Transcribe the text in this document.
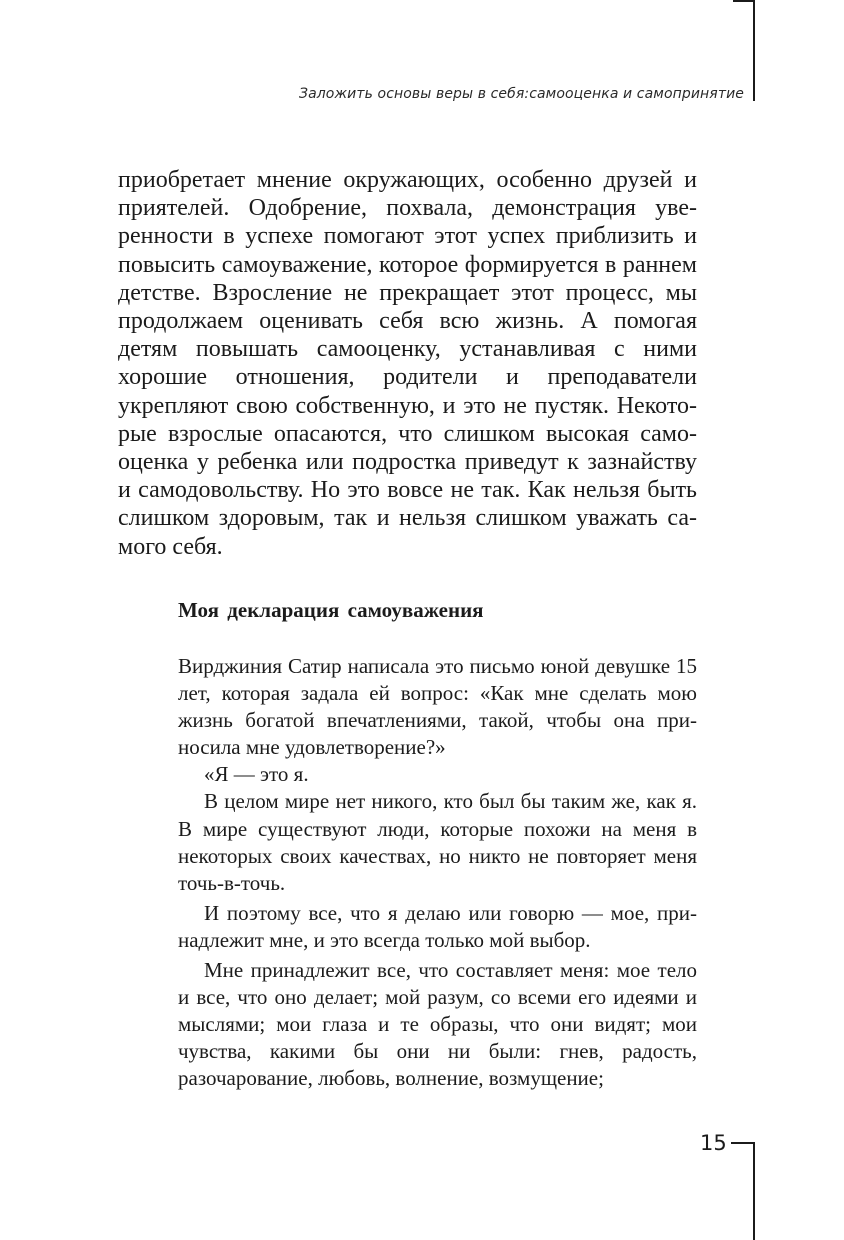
Заложить основы веры в себя:самооценка и самопринятие

приобретает мнение окружающих, особенно друзей и приятелей. Одобрение, похвала, демонстрация уверенности в успехе помогают этот успех приблизить и повысить самоуважение, которое формируется в раннем детстве. Взросление не прекращает этот процесс, мы продолжаем оценивать себя всю жизнь. А помогая детям повышать самооценку, устанавливая с ними хорошие отношения, родители и преподаватели укрепляют свою собственную, и это не пустяк. Некоторые взрослые опасаются, что слишком высокая самооценка у ребенка или подростка приведут к зазнайству и самодовольству. Но это вовсе не так. Как нельзя быть слишком здоровым, так и нельзя слишком уважать самого себя.

Моя декларация самоуважения

Вирджиния Сатир написала это письмо юной девушке 15 лет, которая задала ей вопрос: «Как мне сделать мою жизнь богатой впечатлениями, такой, чтобы она приносила мне удовлетворение?»

«Я — это я.

В целом мире нет никого, кто был бы таким же, как я. В мире существуют люди, которые похожи на меня в некоторых своих качествах, но никто не повторяет меня точь-в-точь.

И поэтому все, что я делаю или говорю — мое, принадлежит мне, и это всегда только мой выбор.

Мне принадлежит все, что составляет меня: мое тело и все, что оно делает; мой разум, со всеми его идеями и мыслями; мои глаза и те образы, что они видят; мои чувства, какими бы они ни были: гнев, радость, разочарование, любовь, волнение, возмущение;

15
